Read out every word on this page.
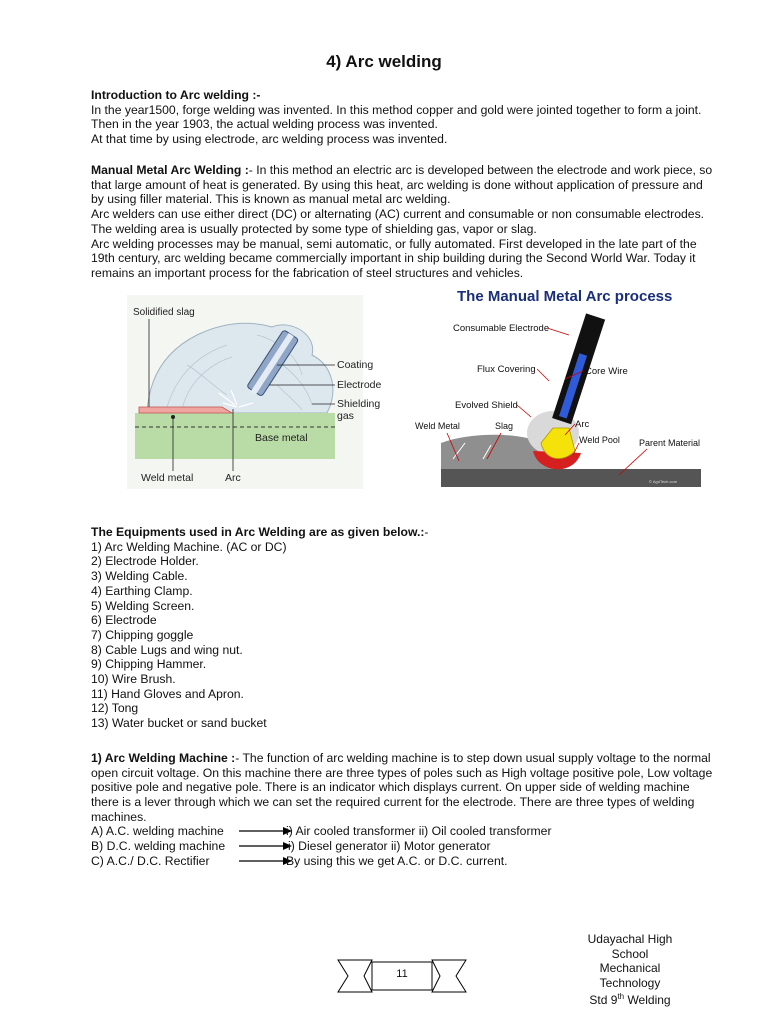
4) Arc welding

Introduction to Arc welding :-

In the year1500, forge welding was invented. In this method copper and gold were jointed together to form a joint.

Then in the year 1903, the actual welding process was invented.

At that time by using electrode, arc welding process was invented.

Manual Metal Arc Welding :- In this method an electric arc is developed between the electrode and work piece, so that large amount of heat is generated. By using this heat, arc welding is done without application of pressure and by using filler material. This is known as manual metal arc welding.

Arc welders can use either direct (DC) or alternating (AC) current and consumable or non consumable electrodes. The welding area is usually protected by some type of shielding gas, vapor or slag.

Arc welding processes may be manual, semi automatic, or fully automated. First developed in the late part of the 19th century, arc welding became commercially important in ship building during the Second World War. Today it remains an important process for the fabrication of steel structures and vehicles.

Solidified slag
Coating
Electrode
Shielding
gas
Base metal
Weld metal	Arc
The Manual Metal Arc process
Consumable Electrode
Flux Covering	Core Wire
Evolved Shield
Arc
Weld Metal	Slag
Weld Pool Parent Material
© AgriTech.com
The Equipments used in Arc Welding are as given below.:-
1) Arc Welding Machine. (AC or DC)
2) Electrode Holder.
3) Welding Cable.
4) Earthing Clamp.
5) Welding Screen.
6) Electrode
7) Chipping goggle
8) Cable Lugs and wing nut.
9) Chipping Hammer.
10) Wire Brush.
11) Hand Gloves and Apron.
12) Tong
13) Water bucket or sand bucket

1) Arc Welding Machine :- The function of arc welding machine is to step down usual supply voltage to the normal open circuit voltage. On this machine there are three types of poles such as High voltage positive pole, Low voltage positive pole and negative pole. There is an indicator which displays current. On upper side of welding machine there is a lever through which we can set the required current for the electrode. There are three types of welding machines.

A) A.C. welding machine	i) Air cooled transformer ii) Oil cooled transformer
B) D.C. welding machine	i) Diesel generator ii) Motor generator
C) A.C./ D.C. Rectifier	By using this we get A.C. or D.C. current.
Udayachal High School
Mechanical Technology
Std 9th Welding
11
